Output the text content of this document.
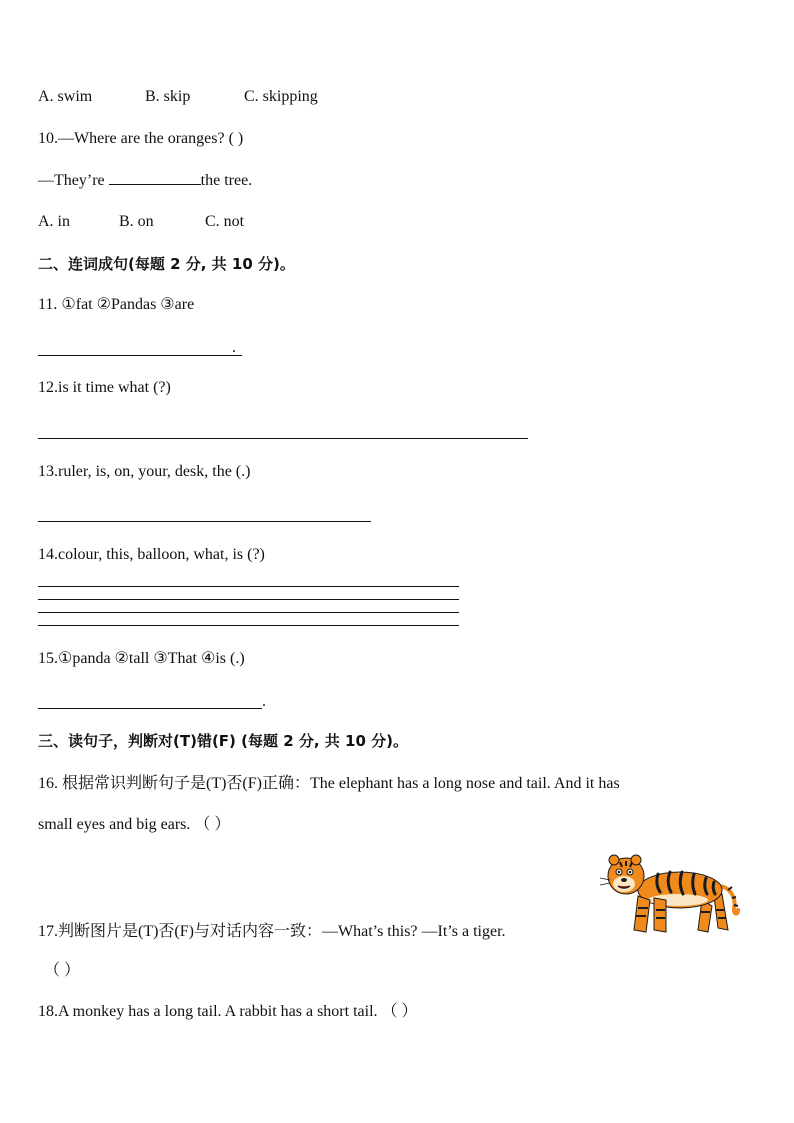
A. swim	B. skip	C. skipping
10.—Where are the oranges? ( )
—They’re	the tree.
A. in	B. on	C. not
二、连词成句(每题 2 分, 共 10 分)。
11. ①fat ②Pandas ③are
.
12.is it time what (?)
13.ruler, is, on, your, desk, the (.)
14.colour, this, balloon, what, is (?)
15.①panda ②tall ③That ④is (.)
.
三、读句子，判断对(T)错(F) (每题 2 分, 共 10 分)。
16. 根据常识判断句子是(T)否(F)正确：The elephant has a long nose and tail. And it has
small eyes and big ears. （ ）
17.判断图片是(T)否(F)与对话内容一致：—What’s this? —It’s a tiger.
（ ）
18.A monkey has a long tail. A rabbit has a short tail. （ ）
